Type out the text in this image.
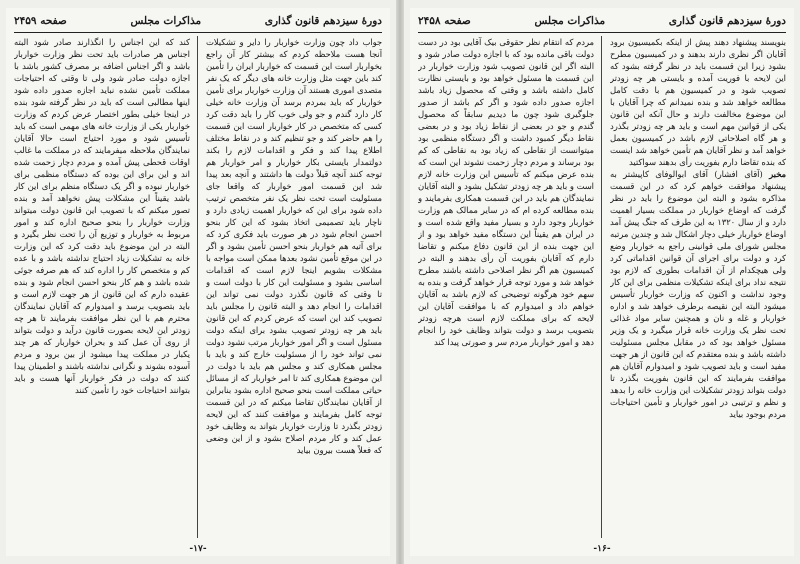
دورهٔ سیزدهم قانون گذاری
مذاکرات مجلس
صفحه ۲۴۵۹

جواب داد چون وزارت خواربار را دایر و تشکیلات آنجا هست ملاحظه کردم که بیشتر کار آن راجع بخواربار است این قسمت که خواربار ایران را تأمین کند باین جهت مثل وزارت خانه های دیگر که یک نفر متصدی اموری هستند آن وزارت خواربار برای تأمین خواربار که باید بمردم برسد آن وزارت خانه خیلی کار دارد گندم و جو ولی خوب کار را باید دقت کرد کسی که متخصص در کار خواربار است این قسمت را هم حاضر کند و جو تنظیم کند و در نقاط مختلف اطلاع پیدا کند و فکر و اقدامات لازم را بکند دولتمدار بایستی بکار خواربار و امر خواربار هم توجه کنند آنچه قبلاً دولت ها داشتند و آنچه بعد پیدا شد این قسمت امور خواربار که واقعا جای مسئولیت است تحت نظر یک نفر متخصص ترتیب داده شود برای این که خواربار اهمیت زیادی دارد و ناچار باید تصمیمی اتخاذ بشود که این کار بنحو احسن انجام شود در هر صورت باید فکری کرد که برای آتیه هم خواربار بنحو احسن تأمین بشود و اگر در این موقع تأمین نشود بعدها ممکن است مواجه با مشکلات بشویم اینجا لازم است که اقدامات اساسی بشود و مسئولیت این کار با دولت است و تا وقتی که قانون نگذرد دولت نمی تواند این اقدامات را انجام دهد و البته قانون را مجلس باید تصویب کند این است که عرض کردم که این قانون باید هر چه زودتر تصویب بشود برای اینکه دولت مسئول است و اگر امور خواربار مرتب نشود دولت نمی تواند خود را از مسئولیت خارج کند و باید با مجلس همکاری کند و مجلس هم باید با دولت در این موضوع همکاری کند تا امر خواربار که از مسائل حیاتی مملکت است بنحو صحیح اداره بشود بنابراین از آقایان نمایندگان تقاضا میکنم که در این قسمت توجه کامل بفرمایند و موافقت کنند که این لایحه زودتر بگذرد تا وزارت خواربار بتواند به وظایف خود عمل کند و کار مردم اصلاح بشود و از این وضعی که فعلاً هست بیرون بیاید

کند که این اجناس را انگذارند صادر شود البته اجناس هر صادرات باید تحت نظر وزارت خواربار باشد و اگر اجناس اضافه بر مصرف کشور باشد با اجازه دولت صادر شود ولی تا وقتی که احتیاجات مملکت تأمین نشده نباید اجازه صدور داده شود اینها مطالبی است که باید در نظر گرفته شود بنده در اینجا خیلی بطور اختصار عرض کردم که وزارت خواربار یکی از وزارت خانه های مهمی است که باید تأسیس شود و مورد احتیاج است حالا آقایان نمایندگان ملاحظه میفرمایند که در مملکت ما غالب اوقات قحطی پیش آمده و مردم دچار زحمت شده اند و این برای این بوده که دستگاه منظمی برای خواربار نبوده و اگر یک دستگاه منظم برای این کار باشد یقیناً این مشکلات پیش نخواهد آمد و بنده تصور میکنم که با تصویب این قانون دولت میتواند وزارت خواربار را بنحو صحیح اداره کند و امور مربوط به خواربار و توزیع آن را تحت نظر بگیرد و البته در این موضوع باید دقت کرد که این وزارت خانه به تشکیلات زیاد احتیاج نداشته باشد و با عده کم و متخصص کار را اداره کند که هم صرفه جوئی شده باشد و هم کار بنحو احسن انجام شود و بنده عقیده دارم که این قانون از هر جهت لازم است و باید بتصویب برسد و امیدوارم که آقایان نمایندگان محترم هم با این نظر موافقت بفرمایند تا هر چه زودتر این لایحه بصورت قانون درآید و دولت بتواند از روی آن عمل کند و بحران خواربار که هر چند یکبار در مملکت پیدا میشود از بین برود و مردم آسوده بشوند و نگرانی نداشته باشند و اطمینان پیدا کنند که دولت در فکر خواربار آنها هست و باید بتوانند احتیاجات خود را تأمین کنند

-۱۷-
دورهٔ سیزدهم قانون گذاری
مذاکرات مجلس
صفحه ۲۴۵۸

بنویسند پیشنهاد دهند پیش از اینکه بکمیسیون برود آقایان اگر نظری دارند بدهند و در کمیسیون مطرح بشود زیرا این قسمت باید در نظر گرفته بشود که این لایحه با فوریت آمده و بایستی هر چه زودتر تصویب شود و در کمیسیون هم با دقت کامل مطالعه خواهد شد و بنده نمیدانم که چرا آقایان با این موضوع مخالفت دارند و حال آنکه این قانون یکی از قوانین مهم است و باید هر چه زودتر بگذرد و هر گاه اصلاحاتی لازم باشد در کمیسیون بعمل خواهد آمد و نظر آقایان هم تأمین خواهد شد اینست که بنده تقاضا دارم بفوریت رأی بدهند سواکتید

مخبر (آقای افشار) آقای ابوالوفای کاپیشتر به پیشنهاد موافقت خواهم کرد که در این قسمت مذاکره بشود و البته این موضوع را باید در نظر گرفت که اوضاع خواربار در مملکت بسیار اهمیت دارد و از سال ۱۳۲۰ به این طرف که جنگ پیش آمد اوضاع خواربار خیلی دچار اشکال شد و چندین مرتبه مجلس شورای ملی قوانینی راجع به خواربار وضع کرد و دولت برای اجرای آن قوانین اقداماتی کرد ولی هیچکدام از آن اقدامات بطوری که لازم بود نتیجه نداد برای اینکه تشکیلات منظمی برای این کار وجود نداشت و اکنون که وزارت خواربار تأسیس میشود البته این نقیصه برطرف خواهد شد و اداره خواربار و غله و نان و همچنین سایر مواد غذائی تحت نظر یک وزارت خانه قرار میگیرد و یک وزیر مسئول خواهد بود که در مقابل مجلس مسئولیت داشته باشد و بنده معتقدم که این قانون از هر جهت مفید است و باید تصویب شود و امیدوارم آقایان هم موافقت بفرمایند که این قانون بفوریت بگذرد تا دولت بتواند زودتر تشکیلات این وزارت خانه را بدهد و نظم و ترتیبی در امور خواربار و تأمین احتیاجات مردم بوجود بیاید

مردم که انتقام نظر حقوقی بیک آقایی بود در دست دولت باقی مانده بود که با اجازه دولت صادر شود و البته اگر این قانون تصویب شود وزارت خواربار در این قسمت ها مسئول خواهد بود و بایستی نظارت کامل داشته باشد و وقتی که محصول زیاد باشد اجازه صدور داده شود و اگر کم باشد از صدور جلوگیری شود چون ما دیدیم سابقاً که محصول گندم و جو در بعضی از نقاط زیاد بود و در بعضی نقاط دیگر کمبود داشت و اگر دستگاه منظمی بود میتوانست از نقاطی که زیاد بود به نقاطی که کم بود برساند و مردم دچار زحمت نشوند این است که بنده عرض میکنم که تأسیس این وزارت خانه لازم است و باید هر چه زودتر تشکیل بشود و البته آقایان نمایندگان هم باید در این قسمت همکاری بفرمایند و بنده مطالعه کرده ام که در سایر ممالک هم وزارت خواربار وجود دارد و بسیار مفید واقع شده است و در ایران هم یقیناً این دستگاه مفید خواهد بود و از این جهت بنده از این قانون دفاع میکنم و تقاضا دارم که آقایان بفوریت آن رأی بدهند و البته در کمیسیون هم اگر نظر اصلاحی داشته باشند مطرح خواهد شد و مورد توجه قرار خواهد گرفت و بنده به سهم خود هرگونه توضیحی که لازم باشد به آقایان خواهم داد و امیدوارم که با موافقت آقایان این لایحه که برای مملکت لازم است هرچه زودتر بتصویب برسد و دولت بتواند وظایف خود را انجام دهد و امور خواربار مردم سر و صورتی پیدا کند

-۱۶-
